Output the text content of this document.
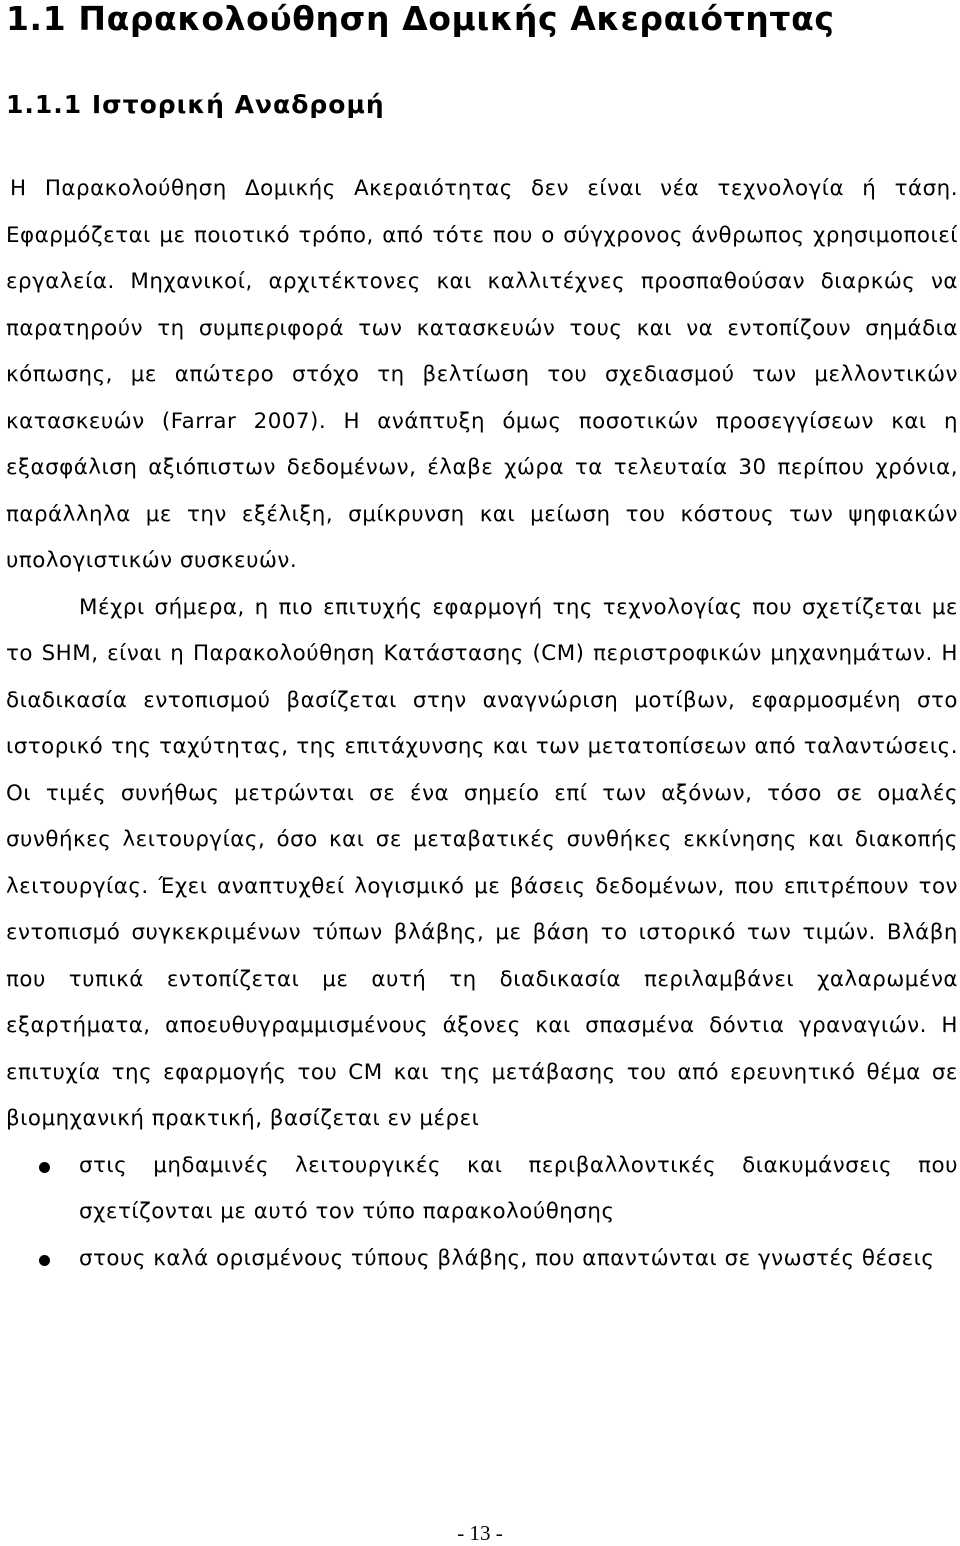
1.1 Παρακολούθηση Δομικής Ακεραιότητας
1.1.1 Ιστορική Αναδρομή

Η Παρακολούθηση Δομικής Ακεραιότητας δεν είναι νέα τεχνολογία ή τάση. Εφαρμόζεται με ποιοτικό τρόπο, από τότε που ο σύγχρονος άνθρωπος χρησιμοποιεί εργαλεία. Μηχανικοί, αρχιτέκτονες και καλλιτέχνες προσπαθούσαν διαρκώς να παρατηρούν τη συμπεριφορά των κατασκευών τους και να εντοπίζουν σημάδια κόπωσης, με απώτερο στόχο τη βελτίωση του σχεδιασμού των μελλοντικών κατασκευών (Farrar 2007). Η ανάπτυξη όμως ποσοτικών προσεγγίσεων και η εξασφάλιση αξιόπιστων δεδομένων, έλαβε χώρα τα τελευταία 30 περίπου χρόνια, παράλληλα με την εξέλιξη, σμίκρυνση και μείωση του κόστους των ψηφιακών υπολογιστικών συσκευών.

Μέχρι σήμερα, η πιο επιτυχής εφαρμογή της τεχνολογίας που σχετίζεται με το SHM, είναι η Παρακολούθηση Κατάστασης (CM) περιστροφικών μηχανημάτων. Η διαδικασία εντοπισμού βασίζεται στην αναγνώριση μοτίβων, εφαρμοσμένη στο ιστορικό της ταχύτητας, της επιτάχυνσης και των μετατοπίσεων από ταλαντώσεις. Οι τιμές συνήθως μετρώνται σε ένα σημείο επί των αξόνων, τόσο σε ομαλές συνθήκες λειτουργίας, όσο και σε μεταβατικές συνθήκες εκκίνησης και διακοπής λειτουργίας. Έχει αναπτυχθεί λογισμικό με βάσεις δεδομένων, που επιτρέπουν τον εντοπισμό συγκεκριμένων τύπων βλάβης, με βάση το ιστορικό των τιμών. Βλάβη που τυπικά εντοπίζεται με αυτή τη διαδικασία περιλαμβάνει χαλαρωμένα εξαρτήματα, αποευθυγραμμισμένους άξονες και σπασμένα δόντια γραναγιών. Η επιτυχία της εφαρμογής του CM και της μετάβασης του από ερευνητικό θέμα σε βιομηχανική πρακτική, βασίζεται εν μέρει

στις μηδαμινές λειτουργικές και περιβαλλοντικές διακυμάνσεις που σχετίζονται με αυτό τον τύπο παρακολούθησης
στους καλά ορισμένους τύπους βλάβης, που απαντώνται σε γνωστές θέσεις
- 13 -
